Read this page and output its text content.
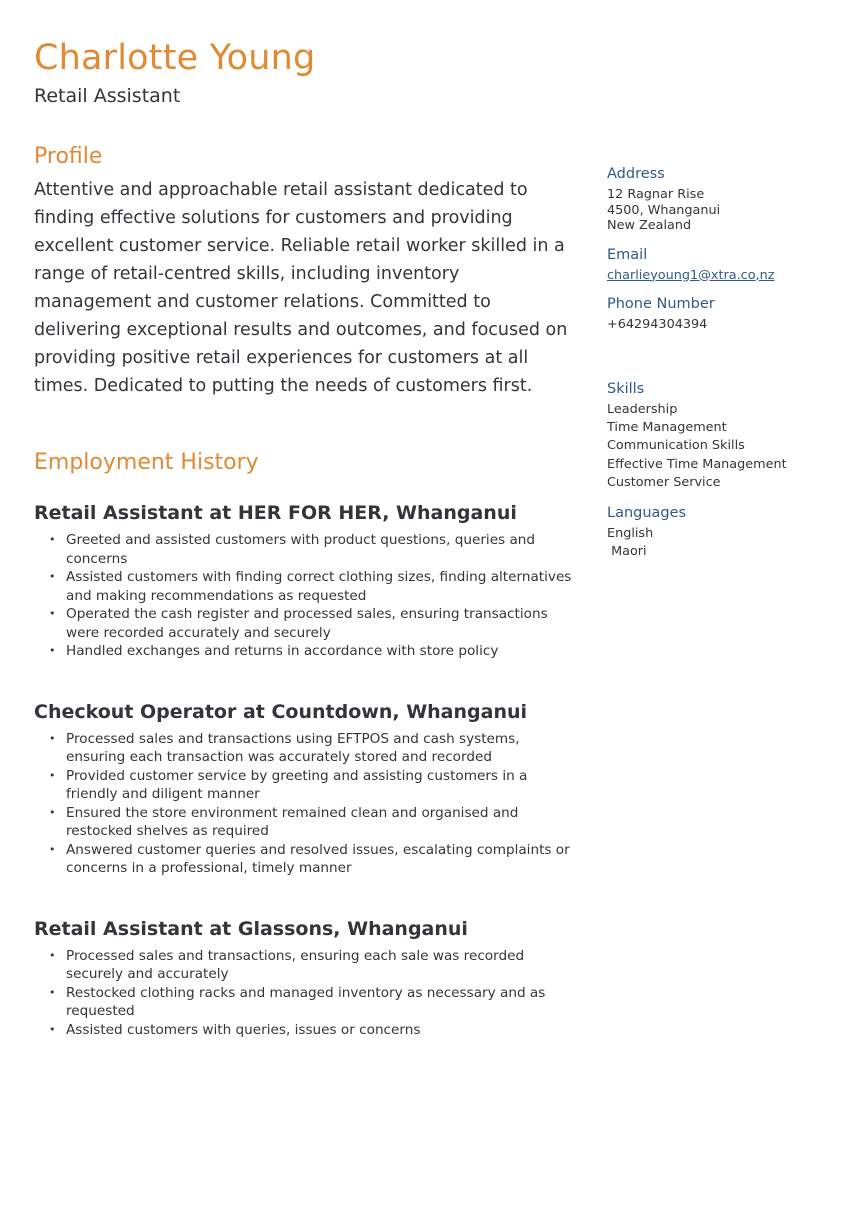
Charlotte Young
Retail Assistant
Profile

Attentive and approachable retail assistant dedicated to finding effective solutions for customers and providing excellent customer service. Reliable retail worker skilled in a range of retail-centred skills, including inventory management and customer relations. Committed to delivering exceptional results and outcomes, and focused on providing positive retail experiences for customers at all times. Dedicated to putting the needs of customers first.

Employment History
Retail Assistant at HER FOR HER, Whanganui
• Greeted and assisted customers with product questions, queries and concerns
• Assisted customers with finding correct clothing sizes, finding alternatives and making recommendations as requested
• Operated the cash register and processed sales, ensuring transactions were recorded accurately and securely
• Handled exchanges and returns in accordance with store policy
Checkout Operator at Countdown, Whanganui
• Processed sales and transactions using EFTPOS and cash systems, ensuring each transaction was accurately stored and recorded
• Provided customer service by greeting and assisting customers in a friendly and diligent manner
• Ensured the store environment remained clean and organised and restocked shelves as required
• Answered customer queries and resolved issues, escalating complaints or concerns in a professional, timely manner
Retail Assistant at Glassons, Whanganui
• Processed sales and transactions, ensuring each sale was recorded securely and accurately
• Restocked clothing racks and managed inventory as necessary and as requested
• Assisted customers with queries, issues or concerns
Address
12 Ragnar Rise
4500, Whanganui
New Zealand
Email
charlieyoung1@xtra.co,nz
Phone Number
+64294304394
Skills
Leadership
Time Management
Communication Skills
Effective Time Management
Customer Service
Languages
English
Maori
